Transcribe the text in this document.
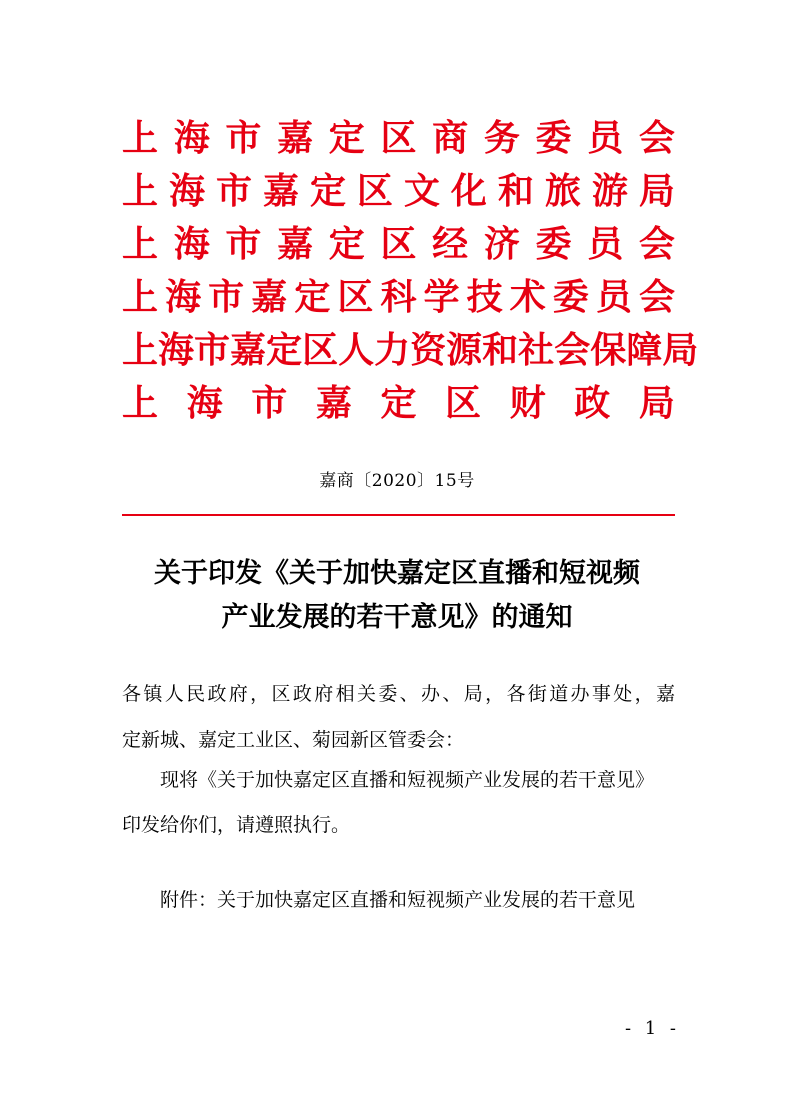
上 海 市 嘉 定 区 商 务 委 员 会
上 海 市 嘉 定 区 文 化 和 旅 游 局
上 海 市 嘉 定 区 经 济 委 员 会
上 海 市 嘉 定 区 科 学 技 术 委 员 会
上 海 市 嘉 定 区 人 力 资 源 和 社 会 保 障 局
上 海 市 嘉 定 区 财 政 局
嘉商〔2020〕15号
关于印发《关于加快嘉定区直播和短视频
产业发展的若干意见》的通知
各镇人民政府，区政府相关委、办、局，各街道办事处，嘉
定新城、嘉定工业区、菊园新区管委会：
现将《关于加快嘉定区直播和短视频产业发展的若干意见》
印发给你们，请遵照执行。
附件：关于加快嘉定区直播和短视频产业发展的若干意见
- 1 -
